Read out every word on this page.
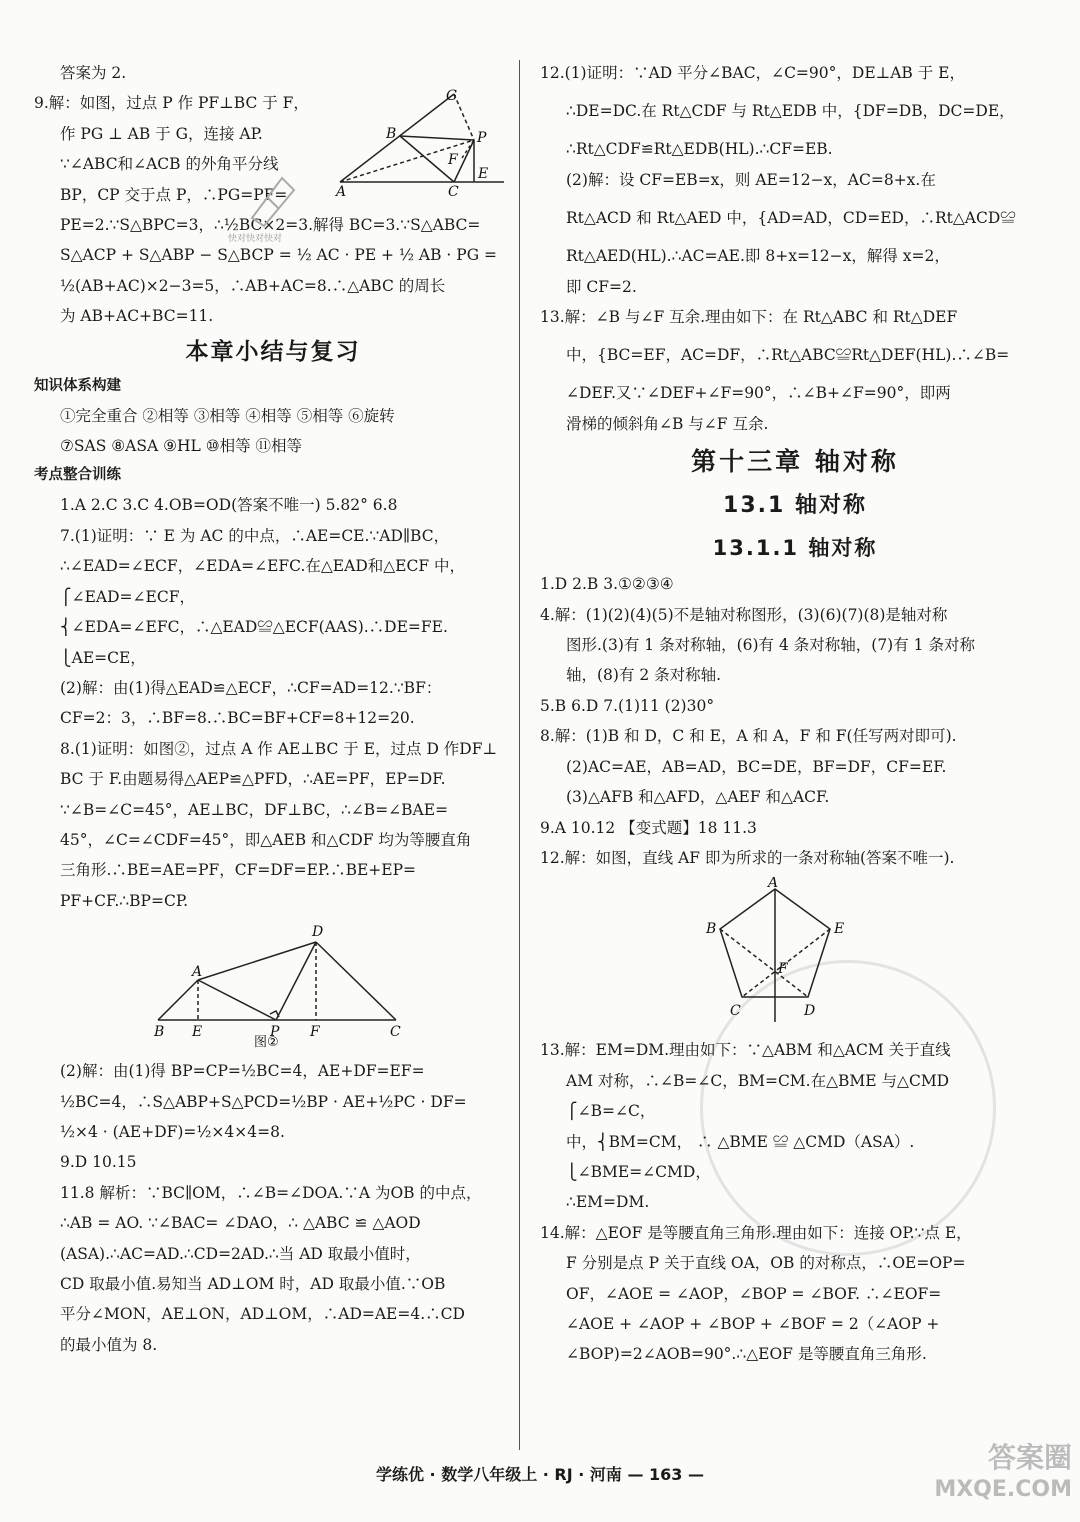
答案为 2.
9.解：如图，过点 P 作 PF⊥BC 于 F，
作 PG ⊥ AB 于 G，连接 AP.
∵∠ABC和∠ACB 的外角平分线
BP，CP 交于点 P，∴PG=PF=
G
B	P
F
E
A	C
PE=2.∵S△BPC=3，∴½BC×2=3.解得 BC=3.∵S△ABC=
S△ACP + S△ABP − S△BCP = ½ AC · PE + ½ AB · PG =
½(AB+AC)×2−3=5，∴AB+AC=8.∴△ABC 的周长
为 AB+AC+BC=11.
本章小结与复习
知识体系构建
①完全重合 ②相等 ③相等 ④相等 ⑤相等 ⑥旋转
⑦SAS ⑧ASA ⑨HL ⑩相等 ⑪相等
考点整合训练
1.A 2.C 3.C 4.OB=OD(答案不唯一) 5.82° 6.8
7.(1)证明：∵ E 为 AC 的中点，∴AE=CE.∵AD∥BC，
∴∠EAD=∠ECF，∠EDA=∠EFC.在△EAD和△ECF 中，
⎧∠EAD=∠ECF，
⎨∠EDA=∠EFC，∴△EAD≌△ECF(AAS).∴DE=FE.
⎩AE=CE，
(2)解：由(1)得△EAD≌△ECF，∴CF=AD=12.∵BF：
CF=2：3，∴BF=8.∴BC=BF+CF=8+12=20.
8.(1)证明：如图②，过点 A 作 AE⊥BC 于 E，过点 D 作DF⊥
BC 于 F.由题易得△AEP≌△PFD，∴AE=PF，EP=DF.
∵∠B=∠C=45°，AE⊥BC，DF⊥BC，∴∠B=∠BAE=
45°，∠C=∠CDF=45°，即△AEB 和△CDF 均为等腰直角
三角形.∴BE=AE=PF，CF=DF=EP.∴BE+EP=
PF+CF.∴BP=CP.
D
A
B E	P F	C
图②
(2)解：由(1)得 BP=CP=½BC=4，AE+DF=EF=
½BC=4，∴S△ABP+S△PCD=½BP · AE+½PC · DF=
½×4 · (AE+DF)=½×4×4=8.
9.D 10.15
11.8 解析：∵BC∥OM，∴∠B=∠DOA.∵A 为OB 的中点，
∴AB = AO. ∵∠BAC= ∠DAO，∴ △ABC ≌ △AOD
(ASA).∴AC=AD.∴CD=2AD.∴当 AD 取最小值时，
CD 取最小值.易知当 AD⊥OM 时，AD 取最小值.∵OB
平分∠MON，AE⊥ON，AD⊥OM，∴AD=AE=4.∴CD
的最小值为 8.
快对快对快对
12.(1)证明：∵AD 平分∠BAC，∠C=90°，DE⊥AB 于 E，
∴DE=DC.在 Rt△CDF 与 Rt△EDB 中，{DF=DB，DC=DE，
∴Rt△CDF≌Rt△EDB(HL).∴CF=EB.
(2)解：设 CF=EB=x，则 AE=12−x，AC=8+x.在
Rt△ACD 和 Rt△AED 中，{AD=AD，CD=ED，∴Rt△ACD≌
Rt△AED(HL).∴AC=AE.即 8+x=12−x，解得 x=2，
即 CF=2.
13.解：∠B 与∠F 互余.理由如下：在 Rt△ABC 和 Rt△DEF
中，{BC=EF，AC=DF，∴Rt△ABC≌Rt△DEF(HL).∴∠B=
∠DEF.又∵∠DEF+∠F=90°，∴∠B+∠F=90°，即两
滑梯的倾斜角∠B 与∠F 互余.
第十三章 轴对称
13.1 轴对称
13.1.1 轴对称
1.D 2.B 3.①②③④
4.解：(1)(2)(4)(5)不是轴对称图形，(3)(6)(7)(8)是轴对称
图形.(3)有 1 条对称轴，(6)有 4 条对称轴，(7)有 1 条对称
轴，(8)有 2 条对称轴.
5.B 6.D 7.(1)11 (2)30°
8.解：(1)B 和 D，C 和 E，A 和 A，F 和 F(任写两对即可).
(2)AC=AE，AB=AD，BC=DE，BF=DF，CF=EF.
(3)△AFB 和△AFD，△AEF 和△ACF.
9.A 10.12 【变式题】18 11.3
12.解：如图，直线 AF 即为所求的一条对称轴(答案不唯一).
A
B	E
F
C	D
13.解：EM=DM.理由如下：∵△ABM 和△ACM 关于直线
AM 对称，∴∠B=∠C，BM=CM.在△BME 与△CMD
⎧∠B=∠C，
中，⎨BM=CM， ∴ △BME ≌ △CMD（ASA）.
⎩∠BME=∠CMD，
∴EM=DM.
14.解：△EOF 是等腰直角三角形.理由如下：连接 OP.∵点 E，
F 分别是点 P 关于直线 OA，OB 的对称点，∴OE=OP=
OF，∠AOE = ∠AOP，∠BOP = ∠BOF. ∴∠EOF=
∠AOE + ∠AOP + ∠BOP + ∠BOF = 2（∠AOP +
∠BOP)=2∠AOB=90°.∴△EOF 是等腰直角三角形.
学练优 · 数学八年级上 · RJ · 河南 — 163 —
答案圈
MXQE.COM
